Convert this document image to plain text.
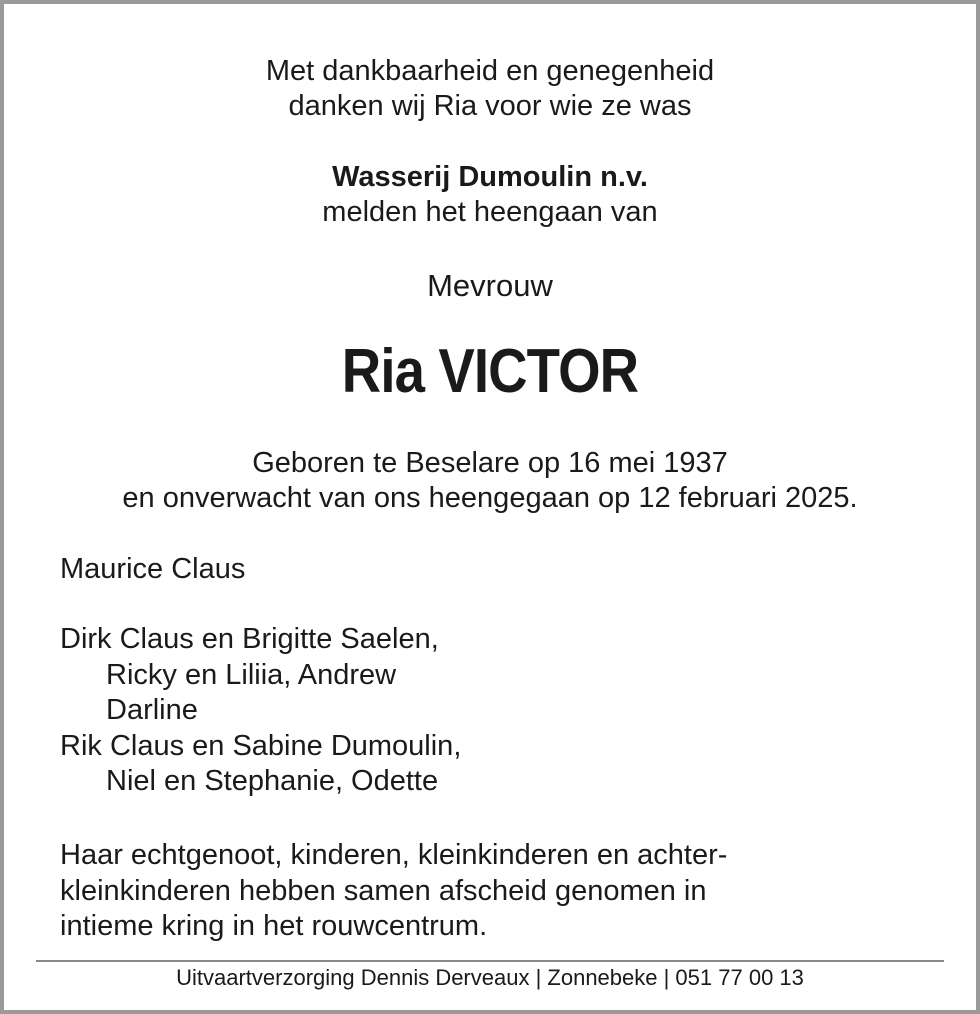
Met dankbaarheid en genegenheid
danken wij Ria voor wie ze was
Wasserij Dumoulin n.v.
melden het heengaan van
Mevrouw
Ria VICTOR
Geboren te Beselare op 16 mei 1937
en onverwacht van ons heengegaan op 12 februari 2025.
Maurice Claus
Dirk Claus en Brigitte Saelen,
Ricky en Liliia, Andrew
Darline
Rik Claus en Sabine Dumoulin,
Niel en Stephanie, Odette
Haar echtgenoot, kinderen, kleinkinderen en achter-
kleinkinderen hebben samen afscheid genomen in
intieme kring in het rouwcentrum.
Uitvaartverzorging Dennis Derveaux | Zonnebeke | 051 77 00 13
